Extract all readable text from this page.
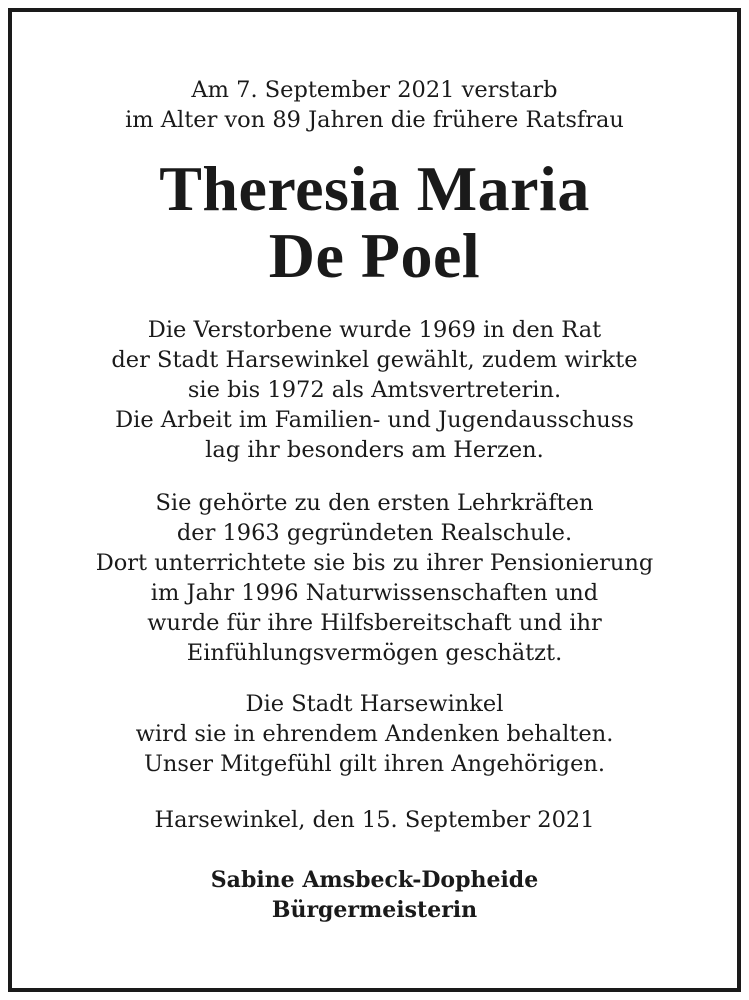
Am 7. September 2021 verstarb
im Alter von 89 Jahren die frühere Ratsfrau
Theresia Maria
De Poel
Die Verstorbene wurde 1969 in den Rat
der Stadt Harsewinkel gewählt, zudem wirkte
sie bis 1972 als Amtsvertreterin.
Die Arbeit im Familien- und Jugendausschuss
lag ihr besonders am Herzen.
Sie gehörte zu den ersten Lehrkräften
der 1963 gegründeten Realschule.
Dort unterrichtete sie bis zu ihrer Pensionierung
im Jahr 1996 Naturwissenschaften und
wurde für ihre Hilfsbereitschaft und ihr
Einfühlungsvermögen geschätzt.
Die Stadt Harsewinkel
wird sie in ehrendem Andenken behalten.
Unser Mitgefühl gilt ihren Angehörigen.
Harsewinkel, den 15. September 2021
Sabine Amsbeck-Dopheide
Bürgermeisterin
